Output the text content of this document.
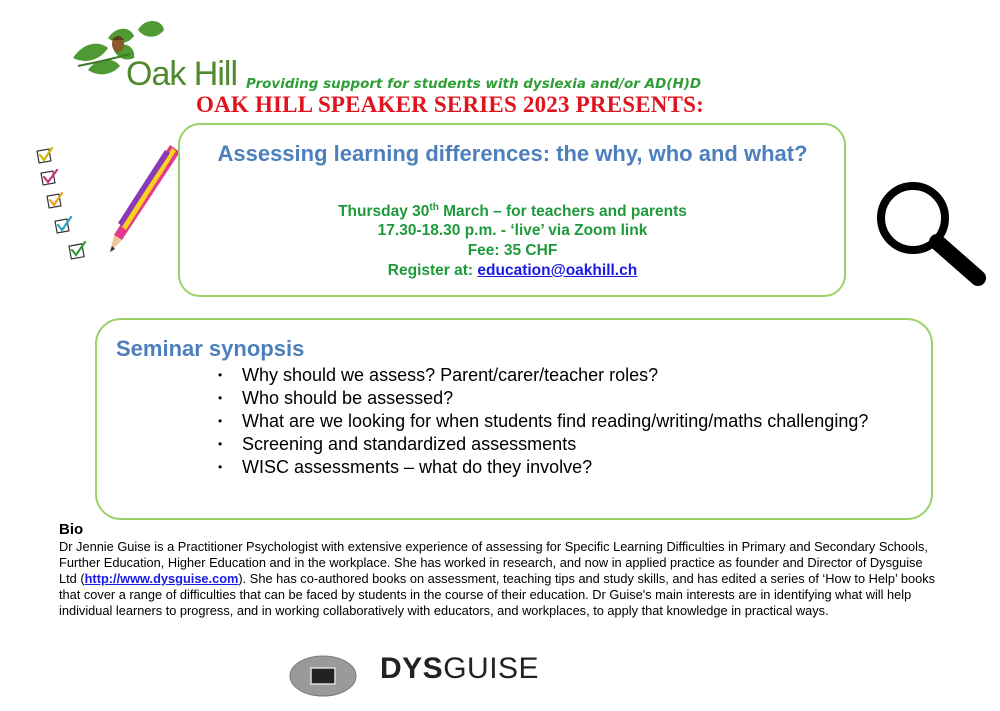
Oak Hill Providing support for students with dyslexia and/or AD(H)D
OAK HILL SPEAKER SERIES 2023 PRESENTS:
Assessing learning differences: the why, who and what?
Thursday 30th March – for teachers and parents
17.30-18.30 p.m. - ‘live’ via Zoom link
Fee: 35 CHF
Register at: education@oakhill.ch
Seminar synopsis
• Why should we assess? Parent/carer/teacher roles?
• Who should be assessed?
• What are we looking for when students find reading/writing/maths challenging?
• Screening and standardized assessments
• WISC assessments – what do they involve?
Bio
Dr Jennie Guise is a Practitioner Psychologist with extensive experience of assessing for Specific Learning Difficulties in Primary and Secondary Schools, Further Education, Higher Education and in the workplace. She has worked in research, and now in applied practice as founder and Director of Dysguise Ltd (http://www.dysguise.com). She has co-authored books on assessment, teaching tips and study skills, and has edited a series of ‘How to Help’ books that cover a range of difficulties that can be faced by students in the course of their education. Dr Guise's main interests are in identifying what will help individual learners to progress, and in working collaboratively with educators, and workplaces, to apply that knowledge in practical ways.
DYSGUISE
